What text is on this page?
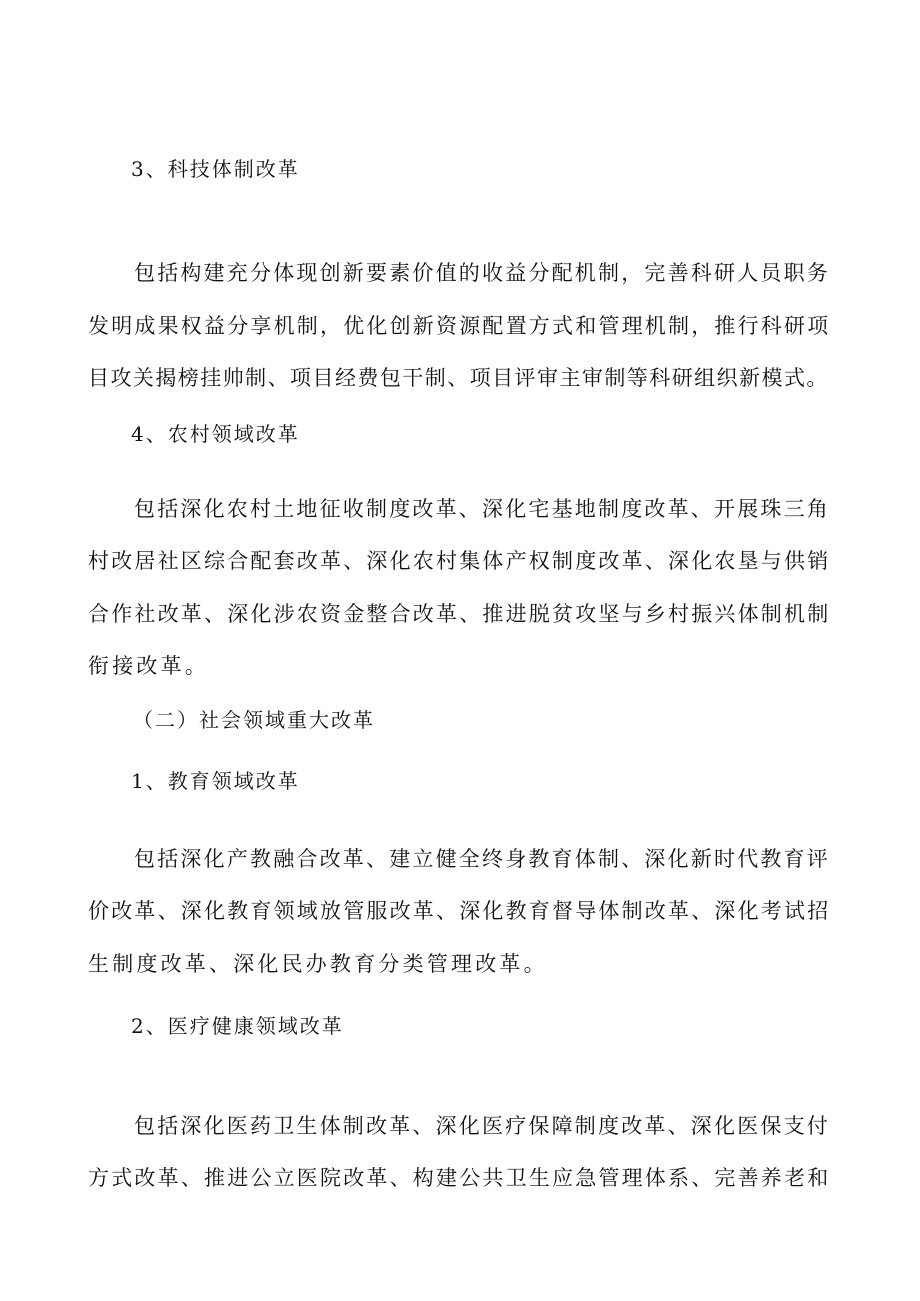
3、科技体制改革
包括构建充分体现创新要素价值的收益分配机制，完善科研人员职务
发明成果权益分享机制，优化创新资源配置方式和管理机制，推行科研项
目攻关揭榜挂帅制、项目经费包干制、项目评审主审制等科研组织新模式。
4、农村领域改革
包括深化农村土地征收制度改革、深化宅基地制度改革、开展珠三角
村改居社区综合配套改革、深化农村集体产权制度改革、深化农垦与供销
合作社改革、深化涉农资金整合改革、推进脱贫攻坚与乡村振兴体制机制
衔接改革。
（二）社会领域重大改革
1、教育领域改革
包括深化产教融合改革、建立健全终身教育体制、深化新时代教育评
价改革、深化教育领域放管服改革、深化教育督导体制改革、深化考试招
生制度改革、深化民办教育分类管理改革。
2、医疗健康领域改革
包括深化医药卫生体制改革、深化医疗保障制度改革、深化医保支付
方式改革、推进公立医院改革、构建公共卫生应急管理体系、完善养老和
